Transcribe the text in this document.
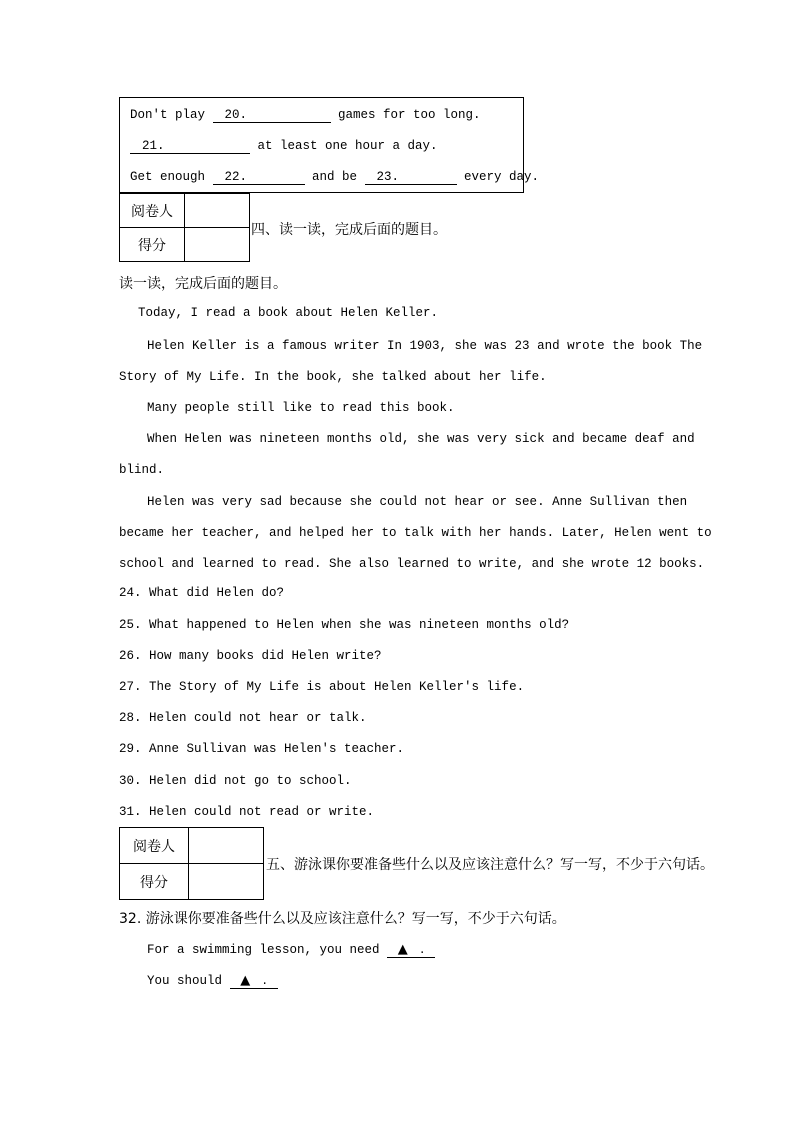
Don't play 20.	games for too long.
21.	at least one hour a day.
Get enough 22.	and be 23.	every day.
阅卷人	
得分	
四、读一读，完成后面的题目。
读一读，完成后面的题目。
Today, I read a book about Helen Keller.
Helen Keller is a famous writer In 1903, she was 23 and wrote the book The
Story of My Life. In the book, she talked about her life.
Many people still like to read this book.
When Helen was nineteen months old, she was very sick and became deaf and
blind.
Helen was very sad because she could not hear or see. Anne Sullivan then
became her teacher, and helped her to talk with her hands. Later, Helen went to
school and learned to read. She also learned to write, and she wrote 12 books.
24. What did Helen do?
25. What happened to Helen when she was nineteen months old?
26. How many books did Helen write?
27. The Story of My Life is about Helen Keller's life.
28. Helen could not hear or talk.
29. Anne Sullivan was Helen's teacher.
30. Helen did not go to school.
31. Helen could not read or write.
阅卷人	
得分	
五、游泳课你要准备些什么以及应该注意什么？写一写，不少于六句话。
32. 游泳课你要准备些什么以及应该注意什么？写一写，不少于六句话。
For a swimming lesson, you need ▲ .
You should ▲ .
